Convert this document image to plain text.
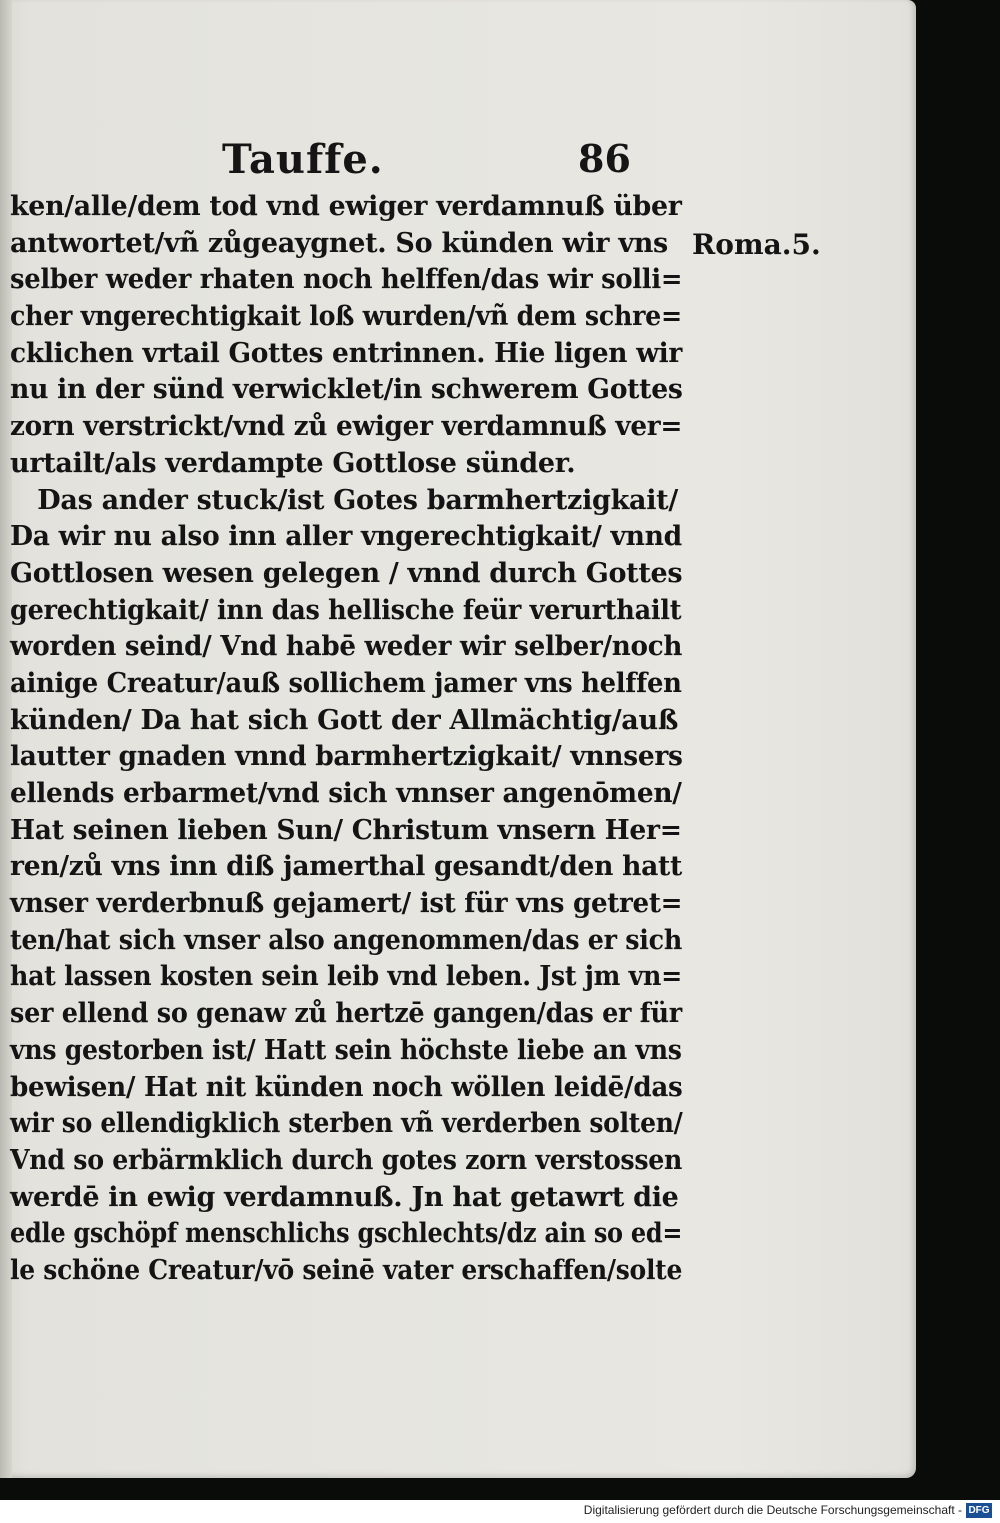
Tauffe.	86
ken/alle/dem tod vnd ewiger verdamnuß über
antwortet/vñ zůgeaygnet. So künden wir vns
selber weder rhaten noch helffen/das wir solli=
cher vngerechtigkait loß wurden/vñ dem schre=
cklichen vrtail Gottes entrinnen. Hie ligen wir
nu in der sünd verwicklet/in schwerem Gottes
zorn verstrickt/vnd zů ewiger verdamnuß ver=
urtailt/als verdampte Gottlose sünder.
Das ander stuck/ist Gotes barmhertzigkait/
Da wir nu also inn aller vngerechtigkait/ vnnd
Gottlosen wesen gelegen / vnnd durch Gottes
gerechtigkait/ inn das hellische feür verurthailt
worden seind/ Vnd habē weder wir selber/noch
ainige Creatur/auß sollichem jamer vns helffen
künden/ Da hat sich Gott der Allmächtig/auß
lautter gnaden vnnd barmhertzigkait/ vnnsers
ellends erbarmet/vnd sich vnnser angenōmen/
Hat seinen lieben Sun/ Christum vnsern Her=
ren/zů vns inn diß jamerthal gesandt/den hatt
vnser verderbnuß gejamert/ ist für vns getret=
ten/hat sich vnser also angenommen/das er sich
hat lassen kosten sein leib vnd leben. Jst jm vn=
ser ellend so genaw zů hertzē gangen/das er für
vns gestorben ist/ Hatt sein höchste liebe an vns
bewisen/ Hat nit künden noch wöllen leidē/das
wir so ellendigklich sterben vñ verderben solten/
Vnd so erbärmklich durch gotes zorn verstossen
werdē in ewig verdamnuß. Jn hat getawrt die
edle gschöpf menschlichs gschlechts/dz ain so ed=
le schöne Creatur/vō seinē vater erschaffen/solte
Roma.5.
Digitalisierung gefördert durch die Deutsche Forschungsgemeinschaft - DFG
